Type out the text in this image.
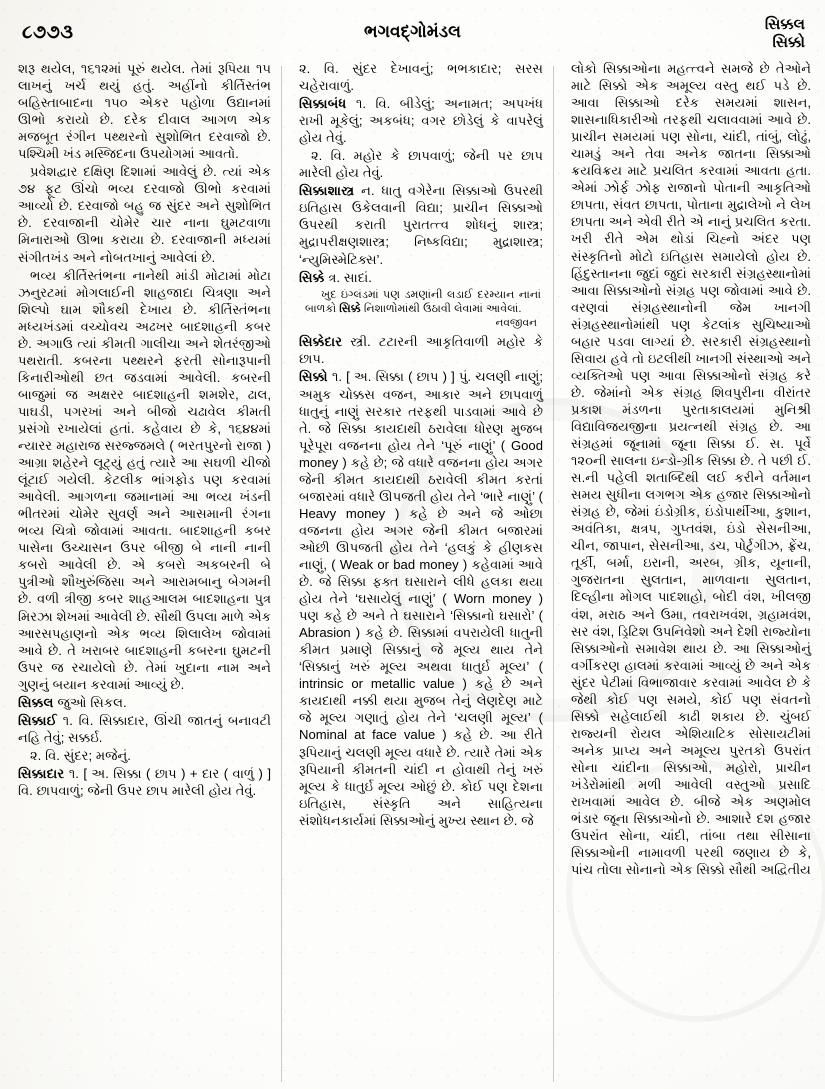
૮૭૭૩	ભગવદ્ગોમંડલ	સિક્કલ
સિક્કો

શરૂ થયેલ, ૧૬૧૨માં પૂરું થયેલ. તેમાં રૂપિયા ૧૫ લાખનું ખર્ચ થયું હતું. અહીંનો કીર્તિસ્તંભ બહિસ્તાબાદના ૧૫૦ એકર પહોળા ઉદ્યાનમાં ઊભો કરાયો છે. દરેક દીવાલ આગળ એક મજબૂત રંગીન પથ્થરનો સુશોભિત દરવાજો છે. પશ્ચિમી ખંડ મસ્જિદના ઉપયોગમાં આવતો.

પ્રવેશદ્વાર દક્ષિણ દિશામાં આવેલું છે. ત્યાં એક ૭૪ ફૂટ ઊંચો ભવ્ય દરવાજો ઊભો કરવામાં આવ્યો છે. દરવાજો બહુ જ સુંદર અને સુશોભિત છે. દરવાજાની ચોમેર ચાર નાના ઘુમટવાળા મિનારાઓ ઊભા કરાયા છે. દરવાજાની મધ્યમાં સંગીતખંડ અને નોબતખાનું આવેલાં છે.

ભવ્ય કીર્તિસ્તંભના નાનેથી માંડી મોટામાં મોટા ઝનુરટમાં મોગલાઈની શાહજાદા ચિત્રણા અને શિલ્પો ઘામ શૌકથી દેખાય છે. કીર્તિસ્તંભના મધ્યખંડમાં વચ્ચોવચ અઢખર બાદશાહની કબર છે. અગાઉ ત્યાં કીમતી ગાલીચા અને શેતરંજીઓ પથરાતી. કબરના પથ્થરને ફરતી સોનારૂપાની કિનારીઓથી છત જડવામાં આવેલી. કબરની બાજુમાં જ અક્ષરર બાદશાહની શમશેર, ઢાલ, પાઘડી, પગરખાં અને બીજો ચઢાવેલ કીમતી પ્રસંગો રખાયેલાં હતાં. કહેવાય છે કે, ૧૬૪૪માં ન્યારર મહારાજ સરજ્જમલે ( ભરતપુરનો રાજા ) આગ્રા શહેરને લૂટ્યું હતું ત્યારે આ સઘળી ચીજો લૂંટાઈ ગયેલી. કેટલીક ભાંગફોડ પણ કરવામાં આવેલી. આગળના જમાનામાં આ ભવ્ય ખંડની ભીતરમાં ચોમેર સુવર્ણ અને આસમાની રંગના ભવ્ય ચિત્રો જોવામાં આવતા. બાદશાહની કબર પાસેના ઉચ્ચાસન ઉપર બીજી બે નાની નાની કબરો આવેલી છે. એ કબરો અકબરની બે પુત્રીઓ શૌખુરુંજિસા અને આરામબાનુ બેગમની છે. વળી ત્રીજી કબર શાહઆલમ બાદશાહના પુત્ર મિરઝા શેખમાં આવેલી છે. સૌથી ઉપલા માળે એક આરસપહાણનો એક ભવ્ય શિલાલેખ જોવામાં આવે છે. તે ખરાબર બાદશાહની કબરના ઘુમટની ઉપર જ રચાયેલો છે. તેમાં ખુદાના નામ અને ગુણનું બયાન કરવામાં આવ્યું છે.

સિક્કલ જુઓ સિકલ.

સિક્કાઈ ૧. વિ. સિક્કાદાર, ઊંચી જાતનું બનાવટી નહિ તેવું; સક્કર્ઇ.

૨. વિ. સુંદર; મજેનું.

સિક્કાદાર ૧. [ અ. સિક્કા ( છાપ ) + દાર ( વાળું ) ] વિ. છાપવાળું; જેની ઉપર છાપ મારેલી હોય તેવું.

૨. વિ. સુંદર દેખાવનું; ભભકાદાર; સરસ ચહેરાવાળું.

સિક્કાબંધ ૧. વિ. બીડેલું; અનામત; અપખંધ રાખી મૂકેલું; અકબંધ; વગર છોડેલું કે વાપરેલું હોય તેવું.

૨. વિ. મહોર કે છાપવાળું; જેની પર છાપ મારેલી હોય તેવું.

સિક્કાશાસ્ત્ર ન. ધાતુ વગેરેના સિક્કાઓ ઉપરથી ઇતિહાસ ઉકેલવાની વિદ્યા; પ્રાચીન સિક્કાઓ ઉપરથી કરાતી પુરાતત્ત્વ શોધનું શાસ્ત્ર; મુદ્રાપરીક્ષણશાસ્ત્ર; નિષ્કવિદ્યા; મુદ્રાશાસ્ત્ર; ‘ન્યુમિસ્મેટિક્સ’.

સિક્કે ત્ર. સાદાં.

ખુદ ઇંગ્લંડમાં પણ ડમણાંની લડાઈ દરમ્યાન નાનાં બાળકો સિક્કે નિશાળોમાંથી ઉઠાવી લેવામાં આવેલાં.
નવજીવન

સિક્કેદાર સ્ત્રી. ટટારની આકૃતિવાળી મહોર કે છાપ.

સિક્કો ૧. [ અ. સિક્કા ( છાપ ) ] પું. ચલણી નાણું; અમુક ચોક્કસ વજન, આકાર અને છાપવાળું ધાતુનું નાણું સરકાર તરફથી પાડવામાં આવે છે તે. જે સિક્કા કાયદાથી ઠરાવેલા ધોરણ મુજબ પૂરેપૂરા વજનના હોય તેને ‘પૂરું નાણું’ ( Good money ) કહે છે; જે વધારે વજનના હોય અગર જેની કીમત કાયદાથી ઠરાવેલી કીમત કરતાં બજારમાં વધારે ઊપજતી હોય તેને ‘ભારે નાણું’ ( Heavy money ) કહે છે અને જે ઓછા વજનના હોય અગર જેની કીમત બજારમાં ઓછી ઊપજતી હોય તેને ‘હલકું કે હીણકસ નાણું, ( Weak or bad money ) કહેવામાં આવે છે. જે સિક્કા ફક્ત ઘસારાને લીધે હલકા થયા હોય તેને ‘ઘસાયેલું નાણું’ ( Worn money ) પણ કહે છે અને તે ઘસારાને ‘સિક્કાનો ઘસારો’ ( Abrasion ) કહે છે. સિક્કામાં વપરાયેલી ધાતુની કીમત પ્રમાણે સિક્કાનું જે મૂલ્ય થાય તેને ‘સિક્કાનું ખરું મૂલ્ય અથવા ધાતુર્ઇ મૂલ્ય’ ( intrinsic or metallic value ) કહે છે અને કાયદાથી નક્કી થયા મુજબ તેનું લેણદેણ માટે જે મૂલ્ય ગણાતું હોય તેને ‘ચલણી મૂલ્ય’ ( Nominal at face value ) કહે છે. આ રીતે રૂપિયાનું ચલણી મૂલ્ય વધારે છે. ત્યારે તેમાં એક રૂપિયાની કીમતની ચાંદી ન હોવાથી તેનું ખરું મૂલ્ય કે ધાતુર્ઇ મૂલ્ય ઓછું છે. કોઈ પણ દેશના ઇતિહાસ, સંસ્કૃતિ અને સાહિત્યના સંશોધનકાર્યમાં સિક્કાઓનું મુખ્ય સ્થાન છે. જે

લોકો સિક્કાઓના મહત્ત્વને સમજે છે તેઓને માટે સિક્કો એક અમૂલ્ય વસ્તુ થઈ પડે છે. આવા સિક્કાઓ દરેક સમયમાં શાસન, શાસનાધિકારીઓ તરફથી ચલાવવામાં આવે છે. પ્રાચીન સમયમાં પણ સોના, ચાંદી, તાંબું, લોઢું, ચામડું અને તેવા અનેક જાતના સિક્કાઓ ક્રયવિક્રય માટે પ્રચલિત કરવામાં આવતા હતા. એમાં ઝોર્ફ ઝોફ રાજાનો પોતાની આકૃતિઓ છાપતા, સંવત છાપતા, પોતાના મુદ્રાલેખો ને લેખ છાપતા અને એવી રીતે એ નાનું પ્રચલિત કરતા. ખરી રીતે એમ થોડાં ચિહ્નો અંદર પણ સંસ્કૃતિનો મોટો ઇતિહાસ સમાયેલો હોય છે. હિંદુસ્તાનના જુદાં જુદાં સરકારી સંગ્રહસ્થાનોમાં આવા સિક્કાઓનો સંગ્રહ પણ જોવામાં આવે છે. વરણવાં સંગ્રહસ્થાનોની જેમ ખાનગી સંગ્રહસ્થાનોમાંથી પણ કેટલાંક સુચિષ્યાઓ બહાર પડવા લાગ્યાં છે. સરકારી સંગ્રહસ્થાનો સિવાય હવે તો ઇટલીથી ખાનગી સંસ્થાઓ અને વ્યક્તિઓ પણ આવા સિક્કાઓનો સંગ્રહ કરે છે. જેમાંનો એક સંગ્રહ શિવપુરીના વીરાંતર પ્રકાશ મંડળના પુરતાકાલયમાં મુનિશ્રી વિદ્યાવિજયજીના પ્રયત્નથી સંગ્રહ છે. આ સંગ્રહમાં જૂનામાં જૂના સિક્કા ઈ. સ. પૂર્વે ૧૨૦ની સાલના ઇન્ડો-ગ્રીક સિક્કા છે. તે પછી ઈ. સ.ની પહેલી શતાબ્દિથી લઈ કરીને વર્તમાન સમય સુધીના લગભગ એક હજાર સિક્કાઓનો સંગ્રહ છે, જેમાં ઇંડોગ્રીક, ઇંડોપાર્થીઆ, કુશાન, અવંતિકા, ક્ષત્રપ, ગુપ્તવંશ, ઇંડો સેસનીઆ, ચીન, જાપાન, સેસનીઆ, ડચ, પોર્ટુગીઝ, ફ્રેંચ, તૂર્કી, બર્મા, ઇરાની, અરબ, ગ્રીક, યૂનાની, ગુજરાતના સુલતાન, માળવાના સુલતાન, દિલ્હીના મોગલ પાદશાહો, બોદી વંશ, ખીલજી વંશ, મરાઠ અને ઉમા, તવરાખવંશ, ગ્રહામવંશ, સર વંશ, ડ્રિટિશ ઉપનિવેશો અને દેશી રાજ્યોના સિક્કાઓનો સમાવેશ થાય છે. આ સિક્કાઓનું વર્ગીકરણ હાલમાં કરવામાં આવ્યું છે અને એક સુંદર પેટીમાં વિભાજાવાર કરવામાં આવેલ છે કે જેથી કોઈ પણ સમયે, કોઈ પણ સંવતનો સિક્કો સહેલાઈથી કાઢી શકાય છે. ચુંબઈ રાજ્યની રોયલ એશિયાટિક સોસાયટીમાં અનેક પ્રાપ્ય અને અમૂલ્ય પુરતકો ઉપરાંત સોના ચાંદીના સિક્કાઓ, મહોરો, પ્રાચીન ખંડેરોમાંથી મળી આવેલી વસ્તુઓ પ્રસાદિ રાખવામાં આવેલ છે. બીજે એક અણમોલ ભંડાર જૂના સિક્કાઓનો છે. આશારે દશ હજાર ઉપરાંત સોના, ચાંદી, તાંબા તથા સીસાના સિક્કાઓની નામાવળી પરથી જણાય છે કે, પાંચ તોલા સોનાનો એક સિક્કો સૌથી અદ્વિતીય
